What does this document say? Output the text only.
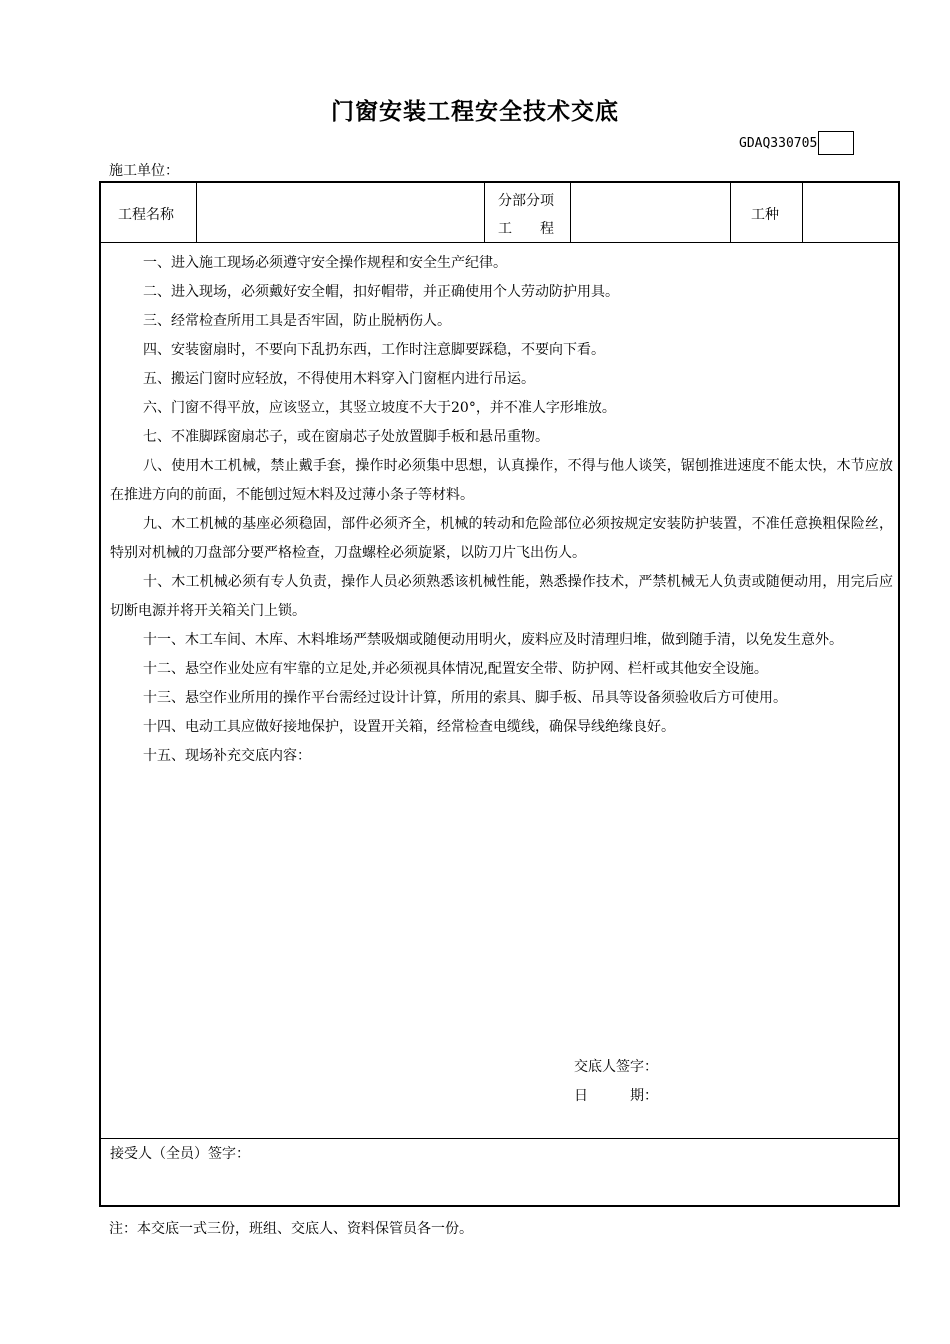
门窗安装工程安全技术交底
GDAQ330705
施工单位：
工程名称
分部分项
工　　程
工种

一、进入施工现场必须遵守安全操作规程和安全生产纪律。

二、进入现场，必须戴好安全帽，扣好帽带，并正确使用个人劳动防护用具。

三、经常检查所用工具是否牢固，防止脱柄伤人。

四、安装窗扇时，不要向下乱扔东西，工作时注意脚要踩稳，不要向下看。

五、搬运门窗时应轻放，不得使用木料穿入门窗框内进行吊运。

六、门窗不得平放，应该竖立，其竖立坡度不大于20°，并不准人字形堆放。

七、不准脚踩窗扇芯子，或在窗扇芯子处放置脚手板和悬吊重物。

八、使用木工机械，禁止戴手套，操作时必须集中思想，认真操作，不得与他人谈笑，锯刨推进速度不能太快，木节应放在推进方向的前面，不能刨过短木料及过薄小条子等材料。

九、木工机械的基座必须稳固，部件必须齐全，机械的转动和危险部位必须按规定安装防护装置，不准任意换粗保险丝，特别对机械的刀盘部分要严格检查，刀盘螺栓必须旋紧，以防刀片飞出伤人。

十、木工机械必须有专人负责，操作人员必须熟悉该机械性能，熟悉操作技术，严禁机械无人负责或随便动用，用完后应切断电源并将开关箱关门上锁。

十一、木工车间、木库、木料堆场严禁吸烟或随便动用明火，废料应及时清理归堆，做到随手清，以免发生意外。

十二、悬空作业处应有牢靠的立足处,并必须视具体情况,配置安全带、防护网、栏杆或其他安全设施。

十三、悬空作业所用的操作平台需经过设计计算，所用的索具、脚手板、吊具等设备须验收后方可使用。

十四、电动工具应做好接地保护，设置开关箱，经常检查电缆线，确保导线绝缘良好。

十五、现场补充交底内容：

交底人签字：
日　　　期：
接受人（全员）签字：
注：本交底一式三份，班组、交底人、资料保管员各一份。
